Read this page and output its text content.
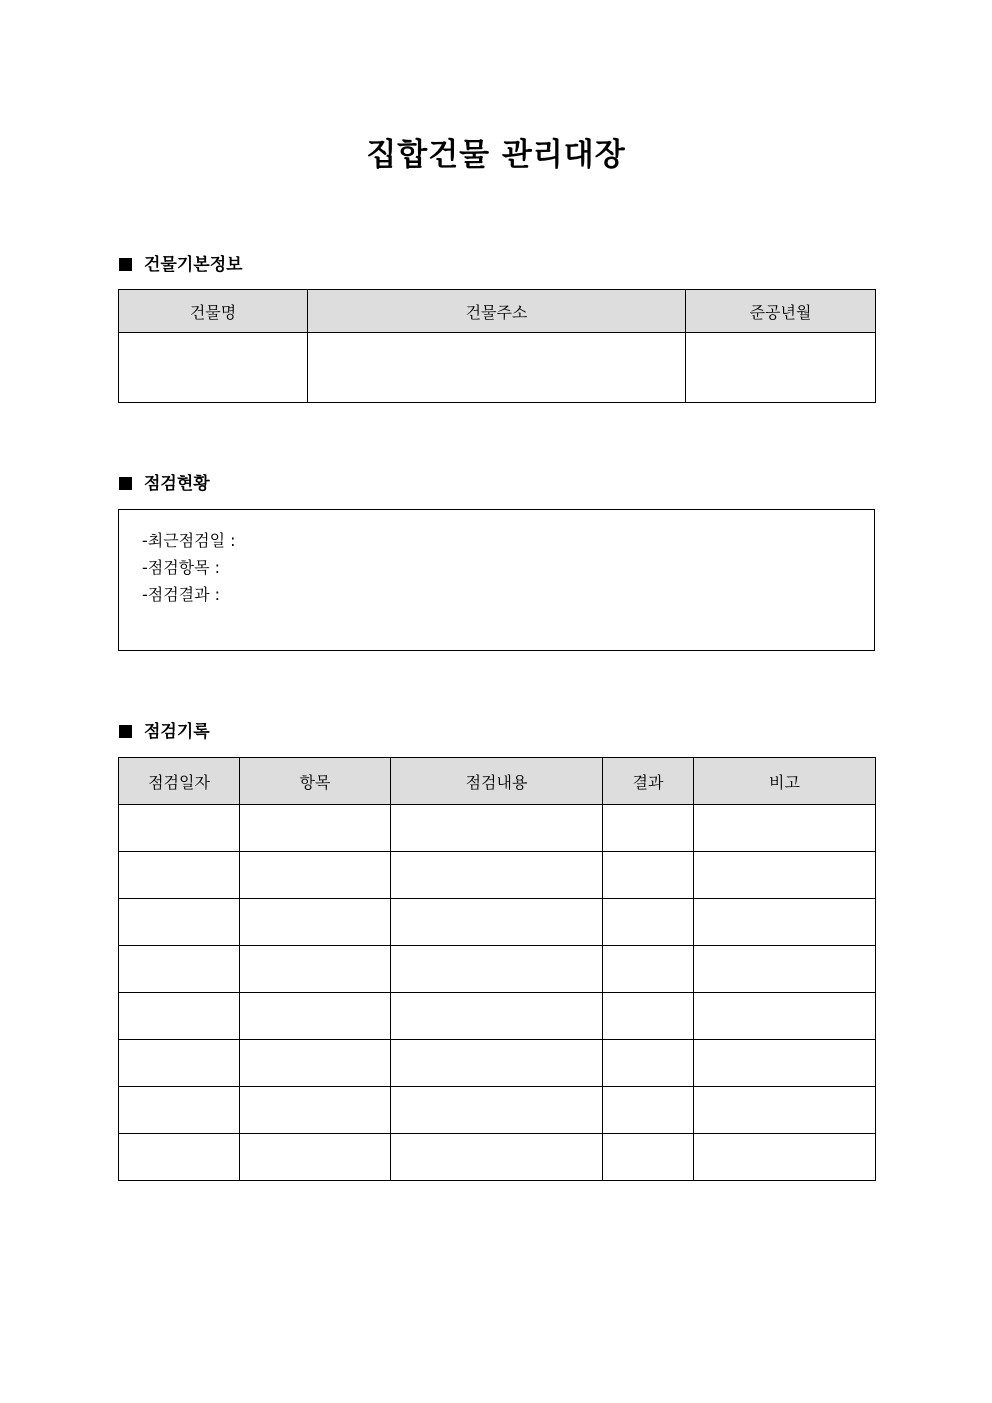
집합건물 관리대장
건물기본정보
건물명	건물주소	준공년월

점검현황
-최근점검일 :
-점검항목 :
-점검결과 :
점검기록
점검일자	항목	점검내용	결과	비고
